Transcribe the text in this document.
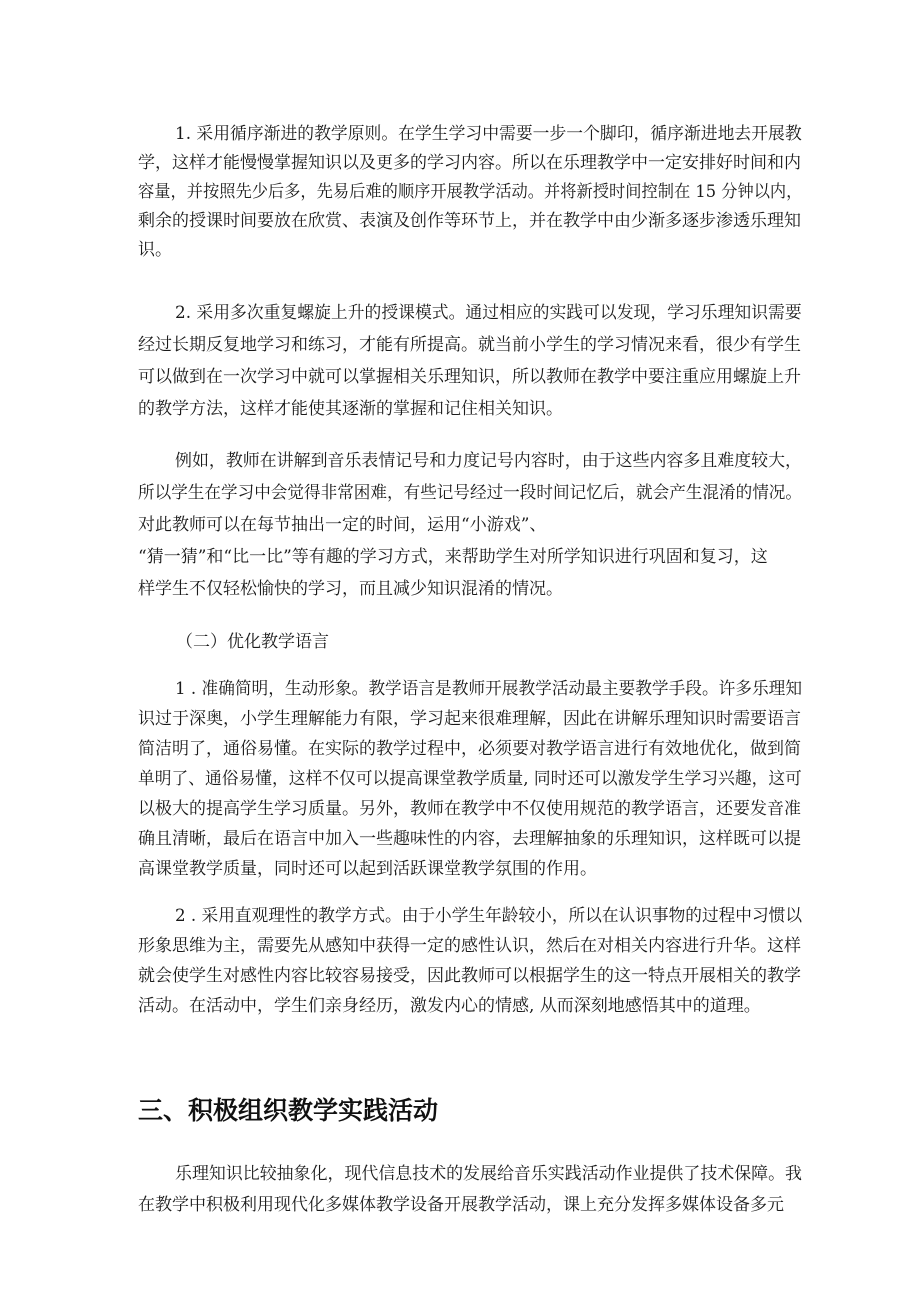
1. 采用循序渐进的教学原则。在学生学习中需要一步一个脚印，循序渐进地去开展教
学，这样才能慢慢掌握知识以及更多的学习内容。所以在乐理教学中一定安排好时间和内
容量，并按照先少后多，先易后难的顺序开展教学活动。并将新授时间控制在 15 分钟以内，
剩余的授课时间要放在欣赏、表演及创作等环节上，并在教学中由少渐多逐步渗透乐理知
识。
2. 采用多次重复螺旋上升的授课模式。通过相应的实践可以发现，学习乐理知识需要
经过长期反复地学习和练习，才能有所提高。就当前小学生的学习情况来看，很少有学生
可以做到在一次学习中就可以掌握相关乐理知识，所以教师在教学中要注重应用螺旋上升
的教学方法，这样才能使其逐渐的掌握和记住相关知识。
例如，教师在讲解到音乐表情记号和力度记号内容时，由于这些内容多且难度较大，
所以学生在学习中会觉得非常困难，有些记号经过一段时间记忆后，就会产生混淆的情况。
对此教师可以在每节抽出一定的时间，运用“小游戏”、
“猜一猜”和“比一比”等有趣的学习方式，来帮助学生对所学知识进行巩固和复习，这
样学生不仅轻松愉快的学习，而且减少知识混淆的情况。
（二）优化教学语言
1 . 准确简明，生动形象。教学语言是教师开展教学活动最主要教学手段。许多乐理知
识过于深奥，小学生理解能力有限，学习起来很难理解，因此在讲解乐理知识时需要语言
简洁明了，通俗易懂。在实际的教学过程中，必须要对教学语言进行有效地优化，做到简
单明了、通俗易懂，这样不仅可以提高课堂教学质量, 同时还可以激发学生学习兴趣，这可
以极大的提高学生学习质量。另外，教师在教学中不仅使用规范的教学语言，还要发音准
确且清晰，最后在语言中加入一些趣味性的内容，去理解抽象的乐理知识，这样既可以提
高课堂教学质量，同时还可以起到活跃课堂教学氛围的作用。
2 . 采用直观理性的教学方式。由于小学生年龄较小，所以在认识事物的过程中习惯以
形象思维为主，需要先从感知中获得一定的感性认识，然后在对相关内容进行升华。这样
就会使学生对感性内容比较容易接受，因此教师可以根据学生的这一特点开展相关的教学
活动。在活动中，学生们亲身经历，激发内心的情感, 从而深刻地感悟其中的道理。
三、积极组织教学实践活动
乐理知识比较抽象化，现代信息技术的发展给音乐实践活动作业提供了技术保障。我
在教学中积极利用现代化多媒体教学设备开展教学活动，课上充分发挥多媒体设备多元
